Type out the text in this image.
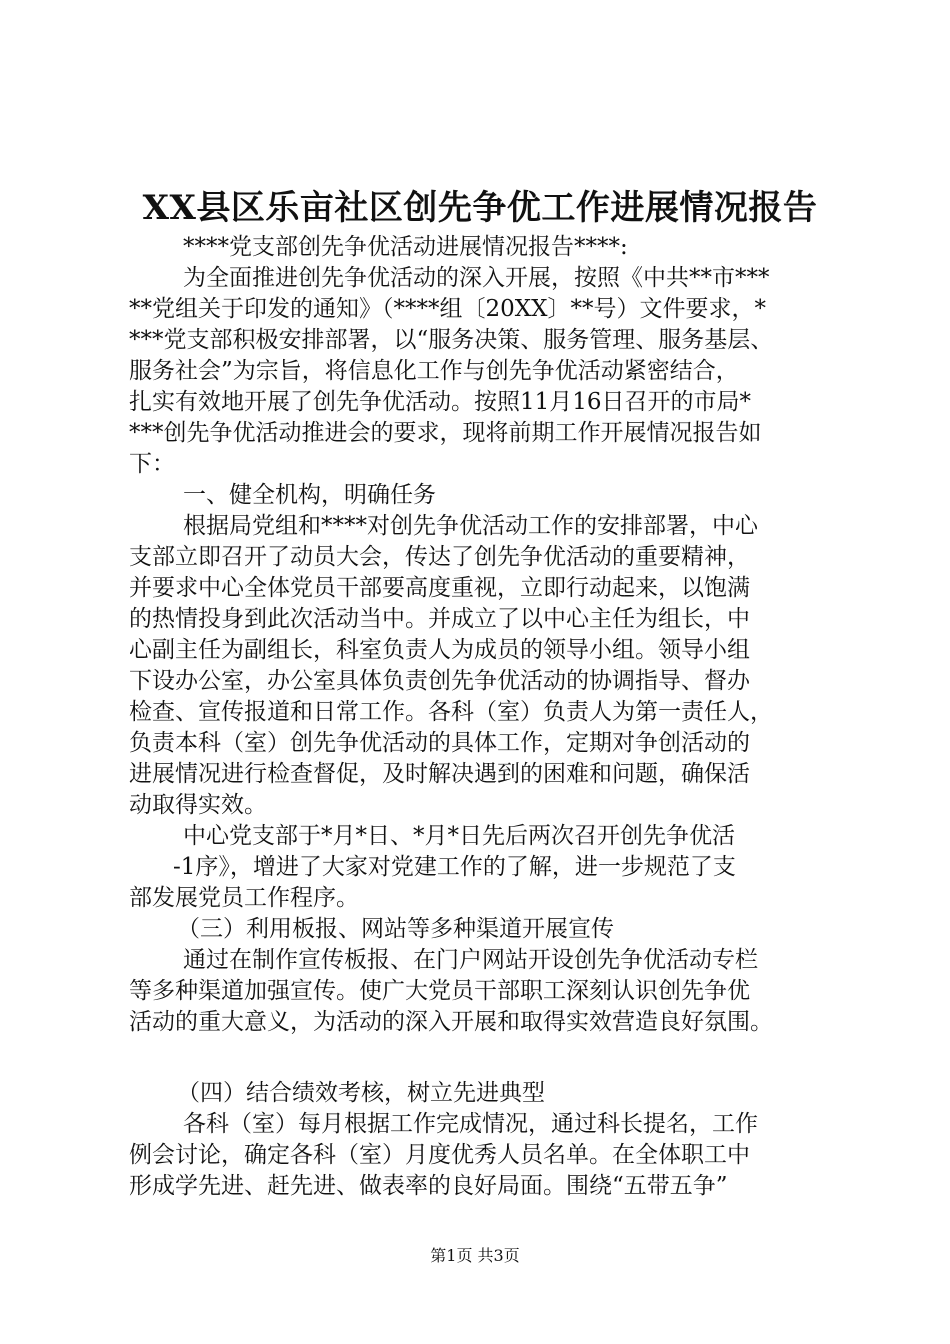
XX县区乐亩社区创先争优工作进展情况报告
****党支部创先争优活动进展情况报告****:
为全面推进创先争优活动的深入开展，按照《中共**市***
**党组关于印发的通知》（****组〔20XX〕**号）文件要求，*
***党支部积极安排部署，以“服务决策、服务管理、服务基层、
服务社会”为宗旨，将信息化工作与创先争优活动紧密结合，
扎实有效地开展了创先争优活动。按照11月16日召开的市局*
***创先争优活动推进会的要求，现将前期工作开展情况报告如
下：
一、健全机构，明确任务
根据局党组和****对创先争优活动工作的安排部署，中心
支部立即召开了动员大会，传达了创先争优活动的重要精神，
并要求中心全体党员干部要高度重视，立即行动起来，以饱满
的热情投身到此次活动当中。并成立了以中心主任为组长，中
心副主任为副组长，科室负责人为成员的领导小组。领导小组
下设办公室，办公室具体负责创先争优活动的协调指导、督办
检查、宣传报道和日常工作。各科（室）负责人为第一责任人，
负责本科（室）创先争优活动的具体工作，定期对争创活动的
进展情况进行检查督促，及时解决遇到的困难和问题，确保活
动取得实效。
中心党支部于*月*日、*月*日先后两次召开创先争优活
-1序》，增进了大家对党建工作的了解，进一步规范了支
部发展党员工作程序。
（三）利用板报、网站等多种渠道开展宣传
通过在制作宣传板报、在门户网站开设创先争优活动专栏
等多种渠道加强宣传。使广大党员干部职工深刻认识创先争优
活动的重大意义，为活动的深入开展和取得实效营造良好氛围。
（四）结合绩效考核，树立先进典型
各科（室）每月根据工作完成情况，通过科长提名，工作
例会讨论，确定各科（室）月度优秀人员名单。在全体职工中
形成学先进、赶先进、做表率的良好局面。围绕“五带五争”
第1页 共3页
